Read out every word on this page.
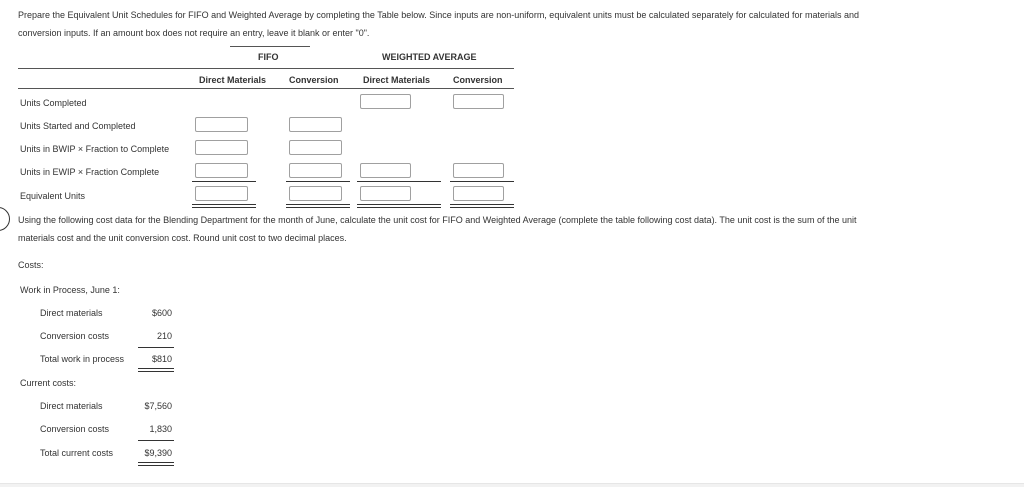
Prepare the Equivalent Unit Schedules for FIFO and Weighted Average by completing the Table below. Since inputs are non-uniform, equivalent units must be calculated separately for calculated for materials and
conversion inputs. If an amount box does not require an entry, leave it blank or enter "0".
FIFO	WEIGHTED AVERAGE
Direct Materials	Conversion	Direct Materials	Conversion
Units Completed
Units Started and Completed
Units in BWIP × Fraction to Complete
Units in EWIP × Fraction Complete
Equivalent Units
Using the following cost data for the Blending Department for the month of June, calculate the unit cost for FIFO and Weighted Average (complete the table following cost data). The unit cost is the sum of the unit
materials cost and the unit conversion cost. Round unit cost to two decimal places.
Costs:
Work in Process, June 1:
Direct materials	$600
Conversion costs	210
Total work in process	$810
Current costs:
Direct materials	$7,560
Conversion costs	1,830
Total current costs	$9,390
